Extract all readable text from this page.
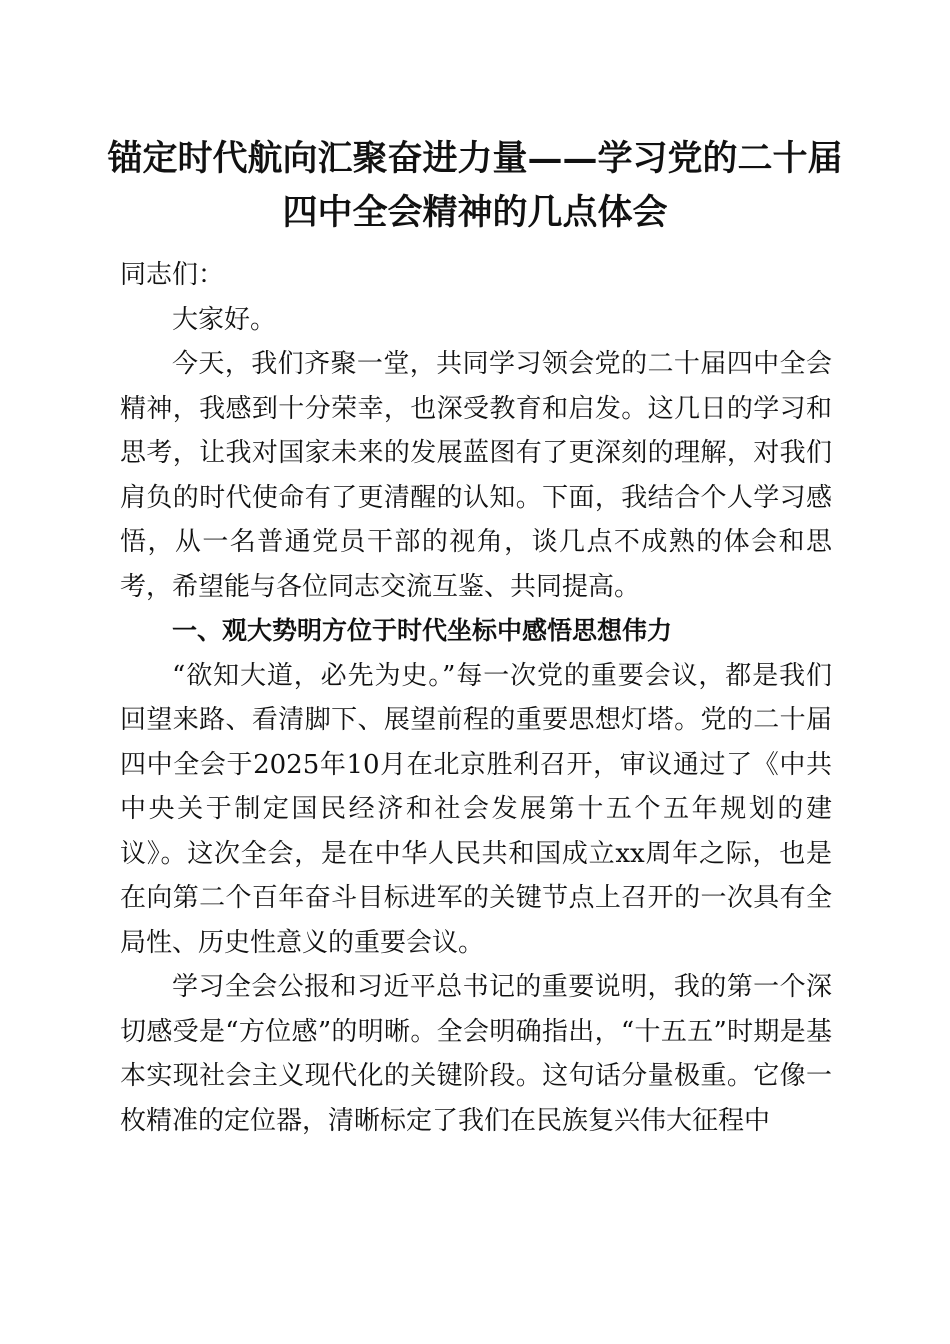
锚定时代航向汇聚奋进力量——学习党的二十届四中全会精神的几点体会

同志们：

大家好。

今天，我们齐聚一堂，共同学习领会党的二十届四中全会精神，我感到十分荣幸，也深受教育和启发。这几日的学习和思考，让我对国家未来的发展蓝图有了更深刻的理解，对我们肩负的时代使命有了更清醒的认知。下面，我结合个人学习感悟，从一名普通党员干部的视角，谈几点不成熟的体会和思考，希望能与各位同志交流互鉴、共同提高。

一、观大势明方位于时代坐标中感悟思想伟力

“欲知大道，必先为史。”每一次党的重要会议，都是我们回望来路、看清脚下、展望前程的重要思想灯塔。党的二十届四中全会于2025年10月在北京胜利召开，审议通过了《中共中央关于制定国民经济和社会发展第十五个五年规划的建议》。这次全会，是在中华人民共和国成立xx周年之际，也是在向第二个百年奋斗目标进军的关键节点上召开的一次具有全局性、历史性意义的重要会议。

学习全会公报和习近平总书记的重要说明，我的第一个深切感受是“方位感”的明晰。全会明确指出，“十五五”时期是基本实现社会主义现代化的关键阶段。这句话分量极重。它像一枚精准的定位器，清晰标定了我们在民族复兴伟大征程中
